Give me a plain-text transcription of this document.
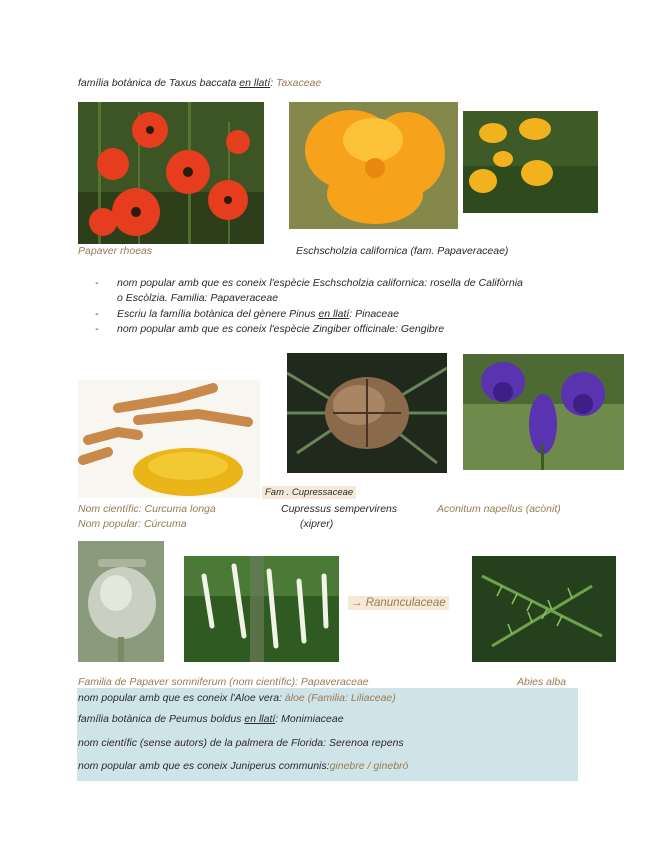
família botànica de Taxus baccata en llatí: Taxaceae
Papaver rhoeas	Eschscholzia californica (fam. Papaveraceae)
- nom popular amb que es coneix l'espècie Eschscholzia californica: rosella de Califòrnia
o Escòlzia. Familia: Papaveraceae
- Escriu la família botànica del gènere Pinus en llatí: Pinaceae
- nom popular amb que es coneix l'espècie Zingiber officinale: Gengibre
Fam . Cupressaceae
Nom científic: Curcuma longa
Nom popular: Cúrcuma
Cupressus sempervirens
(xiprer)
Aconitum napellus (acònit)
→ Ranunculaceae
Familia de Papaver somniferum (nom científic): Papaveraceae	Abies alba
nom popular amb que es coneix l'Aloe vera: àloe (Familia: Liliaceae)
família botànica de Peumus boldus en llatí: Monimiaceae
nom científic (sense autors) de la palmera de Florida: Serenoa repens
nom popular amb que es coneix Juniperus communis:ginebre / ginebró
